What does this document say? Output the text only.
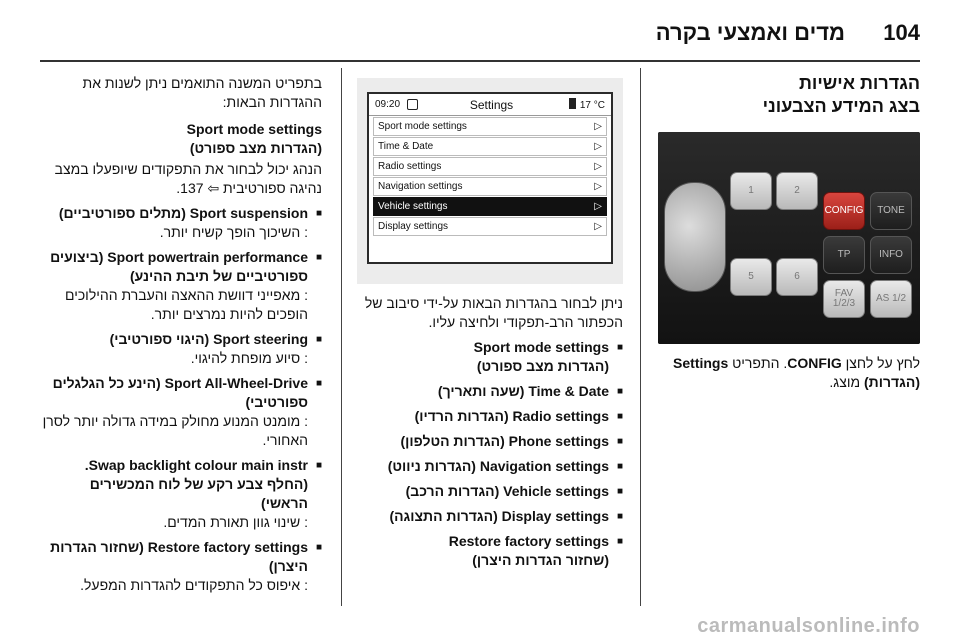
104
מדים ואמצעי בקרה
הגדרות אישיות
בצג המידע הצבעוני
1	2
CONFIG	TONE
TP	INFO
5	6
FAV 1/2/3	AS 1/2

לחץ על לחצן CONFIG. התפריט Settings (הגדרות) מוצג.

09:20	Settings	17 °C
Sport mode settings	▷
Time & Date	▷
Radio settings	▷
Navigation settings	▷
Vehicle settings	▷
Display settings	▷

ניתן לבחור בהגדרות הבאות על-ידי סיבוב של הכפתור הרב-תפקודי ולחיצה עליו.

■ Sport mode settings
(הגדרות מצב ספורט)
■ Time & Date (שעה ותאריך)
■ Radio settings (הגדרות הרדיו)
■ Phone settings (הגדרות הטלפון)
■ Navigation settings (הגדרות ניווט)
■ Vehicle settings (הגדרות הרכב)
■ Display settings (הגדרות התצוגה)
■ Restore factory settings
(שחזור הגדרות היצרן)

בתפריט המשנה התואמים ניתן לשנות את ההגדרות הבאות:

Sport mode settings
(הגדרות מצב ספורט)

הנהג יכול לבחור את התפקודים שיופעלו במצב נהיגה ספורטיבית ⇦ 137.

■ Sport suspension (מתלים ספורטיביים)
: השיכוך הופך קשיח יותר.
■ Sport powertrain performance (ביצועים ספורטיביים של תיבת ההינע)
: מאפייני דוושת ההאצה והעברת ההילוכים הופכים להיות נמרצים יותר.
■ Sport steering (היגוי ספורטיבי)
: סיוע מופחת להיגוי.
■ Sport All-Wheel-Drive (הינע כל הגלגלים ספורטיבי)
: מומנט המנוע מחולק במידה גדולה יותר לסרן האחורי.
■ Swap backlight colour main instr. (החלף צבע רקע של לוח המכשירים הראשי)
: שינוי גוון תאורת המדים.
■ Restore factory settings (שחזור הגדרות היצרן)
: איפוס כל התפקודים להגדרות המפעל.
carmanualsonline.info
